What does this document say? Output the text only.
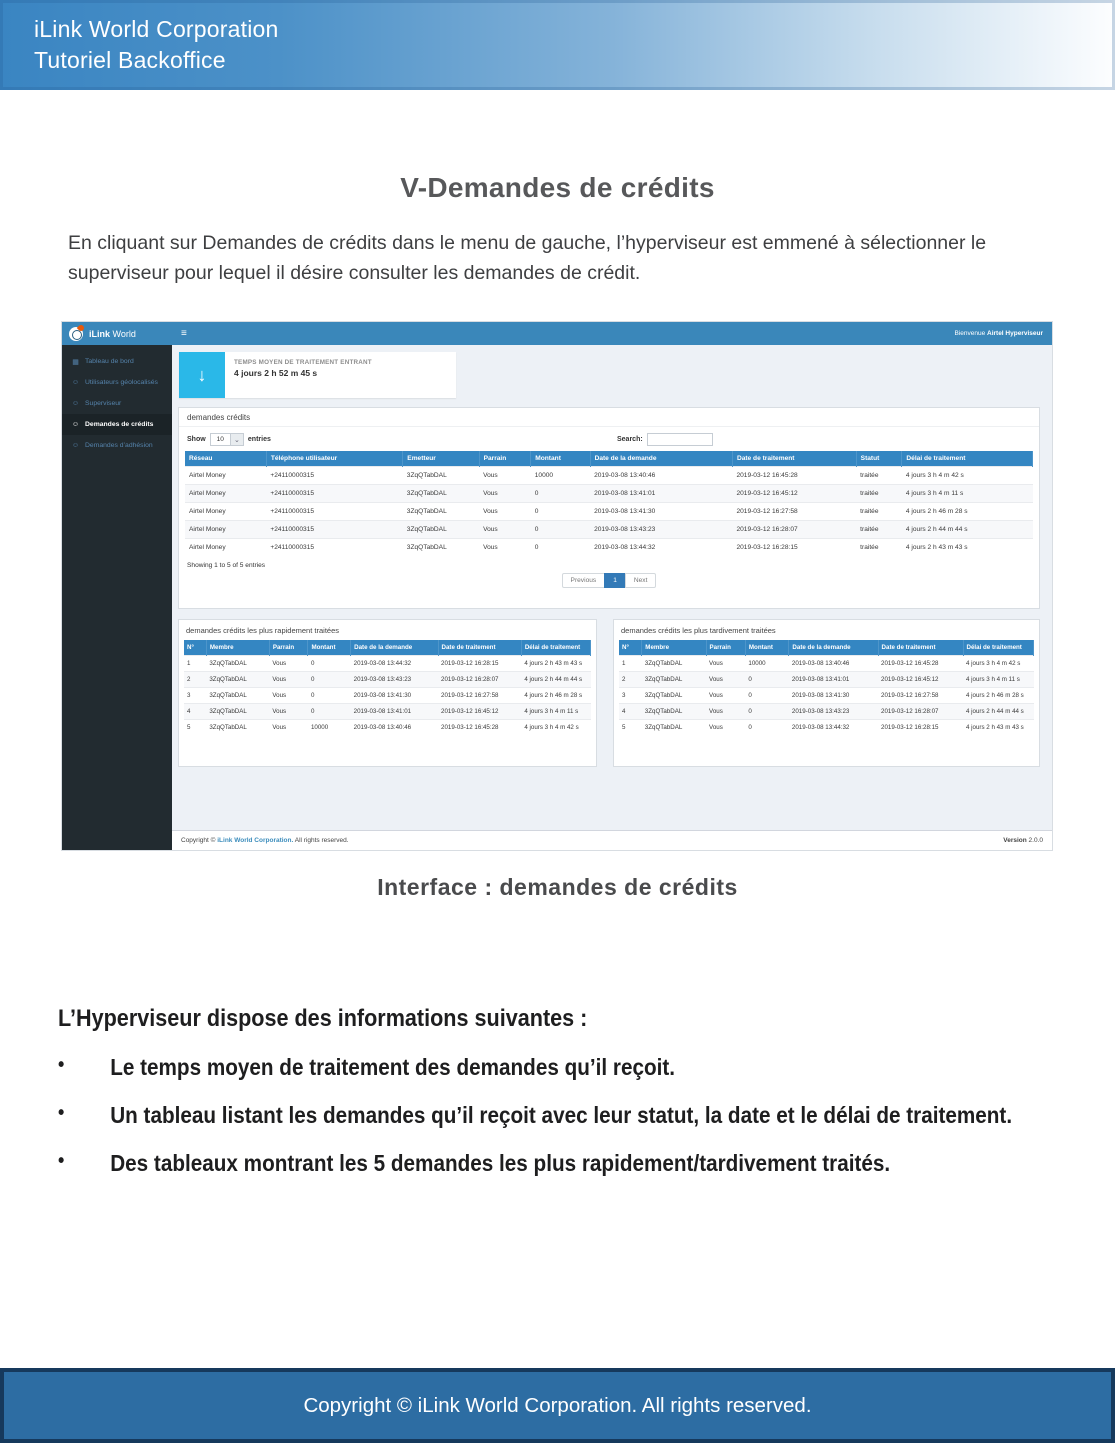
iLink World Corporation
Tutoriel Backoffice
V-Demandes de crédits
En cliquant sur Demandes de crédits dans le menu de gauche, l’hyperviseur est emmené à sélectionner le superviseur pour lequel il désire consulter les demandes de crédit.
iLink World	≡	Bienvenue Airtel Hyperviseur
▦ Tableau de bord
☺ Utilisateurs géolocalisés
☺ Superviseur
☺ Demandes de crédits
☺ Demandes d’adhésion
↓
TEMPS MOYEN DE TRAITEMENT ENTRANT
4 jours 2 h 52 m 45 s
demandes crédits
Show	10	⌄	entries	Search:
Réseau	Téléphone utilisateur	Emetteur	Parrain	Montant	Date de la demande	Date de traitement	Statut	Délai de traitement
Airtel Money	+24110000315	3ZqQTabDAL	Vous	10000	2019-03-08 13:40:46	2019-03-12 16:45:28	traitée	4 jours 3 h 4 m 42 s
Airtel Money	+24110000315	3ZqQTabDAL	Vous	0	2019-03-08 13:41:01	2019-03-12 16:45:12	traitée	4 jours 3 h 4 m 11 s
Airtel Money	+24110000315	3ZqQTabDAL	Vous	0	2019-03-08 13:41:30	2019-03-12 16:27:58	traitée	4 jours 2 h 46 m 28 s
Airtel Money	+24110000315	3ZqQTabDAL	Vous	0	2019-03-08 13:43:23	2019-03-12 16:28:07	traitée	4 jours 2 h 44 m 44 s
Airtel Money	+24110000315	3ZqQTabDAL	Vous	0	2019-03-08 13:44:32	2019-03-12 16:28:15	traitée	4 jours 2 h 43 m 43 s
Showing 1 to 5 of 5 entries
Previous	1	Next
demandes crédits les plus rapidement traitées
N°	Membre	Parrain	Montant	Date de la demande	Date de traitement	Délai de traitement
1	3ZqQTabDAL	Vous	0	2019-03-08 13:44:32	2019-03-12 16:28:15	4 jours 2 h 43 m 43 s
2	3ZqQTabDAL	Vous	0	2019-03-08 13:43:23	2019-03-12 16:28:07	4 jours 2 h 44 m 44 s
3	3ZqQTabDAL	Vous	0	2019-03-08 13:41:30	2019-03-12 16:27:58	4 jours 2 h 46 m 28 s
4	3ZqQTabDAL	Vous	0	2019-03-08 13:41:01	2019-03-12 16:45:12	4 jours 3 h 4 m 11 s
5	3ZqQTabDAL	Vous	10000	2019-03-08 13:40:46	2019-03-12 16:45:28	4 jours 3 h 4 m 42 s
demandes crédits les plus tardivement traitées
N°	Membre	Parrain	Montant	Date de la demande	Date de traitement	Délai de traitement
1	3ZqQTabDAL	Vous	10000	2019-03-08 13:40:46	2019-03-12 16:45:28	4 jours 3 h 4 m 42 s
2	3ZqQTabDAL	Vous	0	2019-03-08 13:41:01	2019-03-12 16:45:12	4 jours 3 h 4 m 11 s
3	3ZqQTabDAL	Vous	0	2019-03-08 13:41:30	2019-03-12 16:27:58	4 jours 2 h 46 m 28 s
4	3ZqQTabDAL	Vous	0	2019-03-08 13:43:23	2019-03-12 16:28:07	4 jours 2 h 44 m 44 s
5	3ZqQTabDAL	Vous	0	2019-03-08 13:44:32	2019-03-12 16:28:15	4 jours 2 h 43 m 43 s
Copyright © iLink World Corporation. All rights reserved.	Version 2.0.0
Interface : demandes de crédits
L’Hyperviseur dispose des informations suivantes :
•	Le temps moyen de traitement des demandes qu’il reçoit.
•	Un tableau listant les demandes qu’il reçoit avec leur statut, la date et le délai de traitement.
•	Des tableaux montrant les 5 demandes les plus rapidement/tardivement traités.
Copyright © iLink World Corporation. All rights reserved.
